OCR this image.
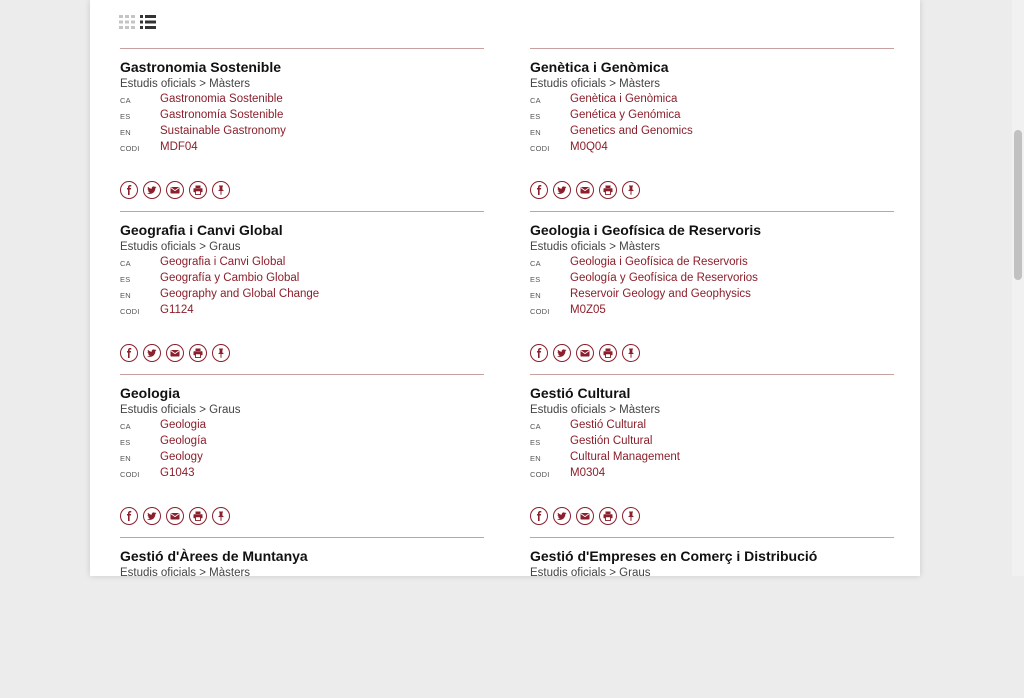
Gastronomia Sostenible
Estudis oficials > Màsters
CA	Gastronomia Sostenible
ES	Gastronomía Sostenible
EN	Sustainable Gastronomy
CODI MDF04
Genètica i Genòmica
Estudis oficials > Màsters
CA	Genètica i Genòmica
ES	Genética y Genómica
EN	Genetics and Genomics
CODI M0Q04
Geografia i Canvi Global
Estudis oficials > Graus
CA	Geografia i Canvi Global
ES	Geografía y Cambio Global
EN	Geography and Global Change
CODI G1124
Geologia i Geofísica de Reservoris
Estudis oficials > Màsters
CA	Geologia i Geofísica de Reservoris
ES	Geología y Geofísica de Reservorios
EN	Reservoir Geology and Geophysics
CODI M0Z05
Geologia
Estudis oficials > Graus
CA	Geologia
ES	Geología
EN	Geology
CODI G1043
Gestió Cultural
Estudis oficials > Màsters
CA	Gestió Cultural
ES	Gestión Cultural
EN	Cultural Management
CODI M0304
Gestió d'Àrees de Muntanya
Estudis oficials > Màsters
Gestió d'Empreses en Comerç i Distribució
Estudis oficials > Graus
